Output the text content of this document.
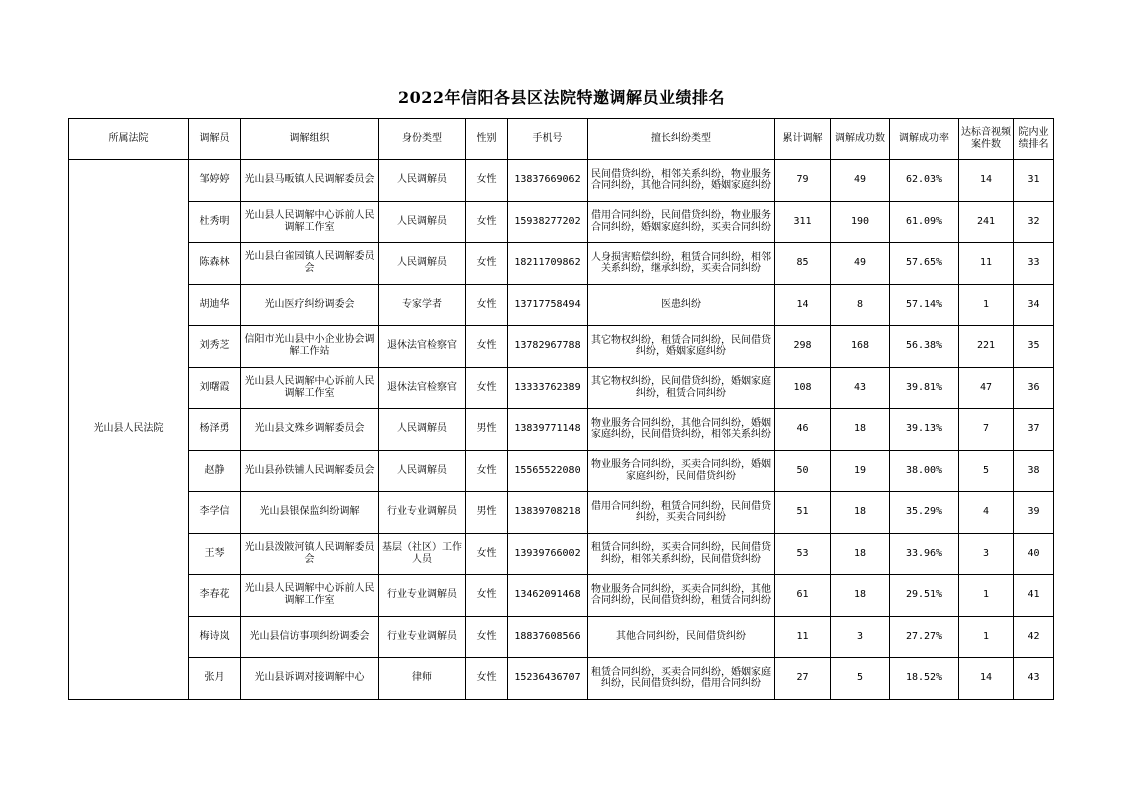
2022年信阳各县区法院特邀调解员业绩排名
所属法院	调解员	调解组织	身份类型	性别	手机号	擅长纠纷类型	累计调解	调解成功数	调解成功率	达标音视频案件数	院内业绩排名
光山县人民法院	邹婷婷	光山县马畈镇人民调解委员会	人民调解员	女性	13837669062	民间借贷纠纷，相邻关系纠纷，物业服务合同纠纷，其他合同纠纷，婚姻家庭纠纷	79	49	62.03%	14	31
	杜秀明	光山县人民调解中心诉前人民调解工作室	人民调解员	女性	15938277202	借用合同纠纷，民间借贷纠纷，物业服务合同纠纷，婚姻家庭纠纷，买卖合同纠纷	311	190	61.09%	241	32
	陈森林	光山县白雀园镇人民调解委员会	人民调解员	女性	18211709862	人身损害赔偿纠纷，租赁合同纠纷，相邻关系纠纷，继承纠纷，买卖合同纠纷	85	49	57.65%	11	33
	胡迪华	光山医疗纠纷调委会	专家学者	女性	13717758494	医患纠纷	14	8	57.14%	1	34
	刘秀芝	信阳市光山县中小企业协会调解工作站	退休法官检察官	女性	13782967788	其它物权纠纷，租赁合同纠纷，民间借贷纠纷，婚姻家庭纠纷	298	168	56.38%	221	35
	刘曙霞	光山县人民调解中心诉前人民调解工作室	退休法官检察官	女性	13333762389	其它物权纠纷，民间借贷纠纷，婚姻家庭纠纷，租赁合同纠纷	108	43	39.81%	47	36
	杨泽勇	光山县文殊乡调解委员会	人民调解员	男性	13839771148	物业服务合同纠纷，其他合同纠纷，婚姻家庭纠纷，民间借贷纠纷，相邻关系纠纷	46	18	39.13%	7	37
	赵静	光山县孙铁铺人民调解委员会	人民调解员	女性	15565522080	物业服务合同纠纷，买卖合同纠纷，婚姻家庭纠纷，民间借贷纠纷	50	19	38.00%	5	38
	李学信	光山县银保监纠纷调解	行业专业调解员	男性	13839708218	借用合同纠纷，租赁合同纠纷，民间借贷纠纷，买卖合同纠纷	51	18	35.29%	4	39
	王琴	光山县泼陂河镇人民调解委员会	基层（社区）工作人员	女性	13939766002	租赁合同纠纷，买卖合同纠纷，民间借贷纠纷，相邻关系纠纷，民间借贷纠纷	53	18	33.96%	3	40
	李春花	光山县人民调解中心诉前人民调解工作室	行业专业调解员	女性	13462091468	物业服务合同纠纷，买卖合同纠纷，其他合同纠纷，民间借贷纠纷，租赁合同纠纷	61	18	29.51%	1	41
	梅诗岚	光山县信访事项纠纷调委会	行业专业调解员	女性	18837608566	其他合同纠纷，民间借贷纠纷	11	3	27.27%	1	42
	张月	光山县诉调对接调解中心	律师	女性	15236436707	租赁合同纠纷，买卖合同纠纷，婚姻家庭纠纷，民间借贷纠纷，借用合同纠纷	27	5	18.52%	14	43
